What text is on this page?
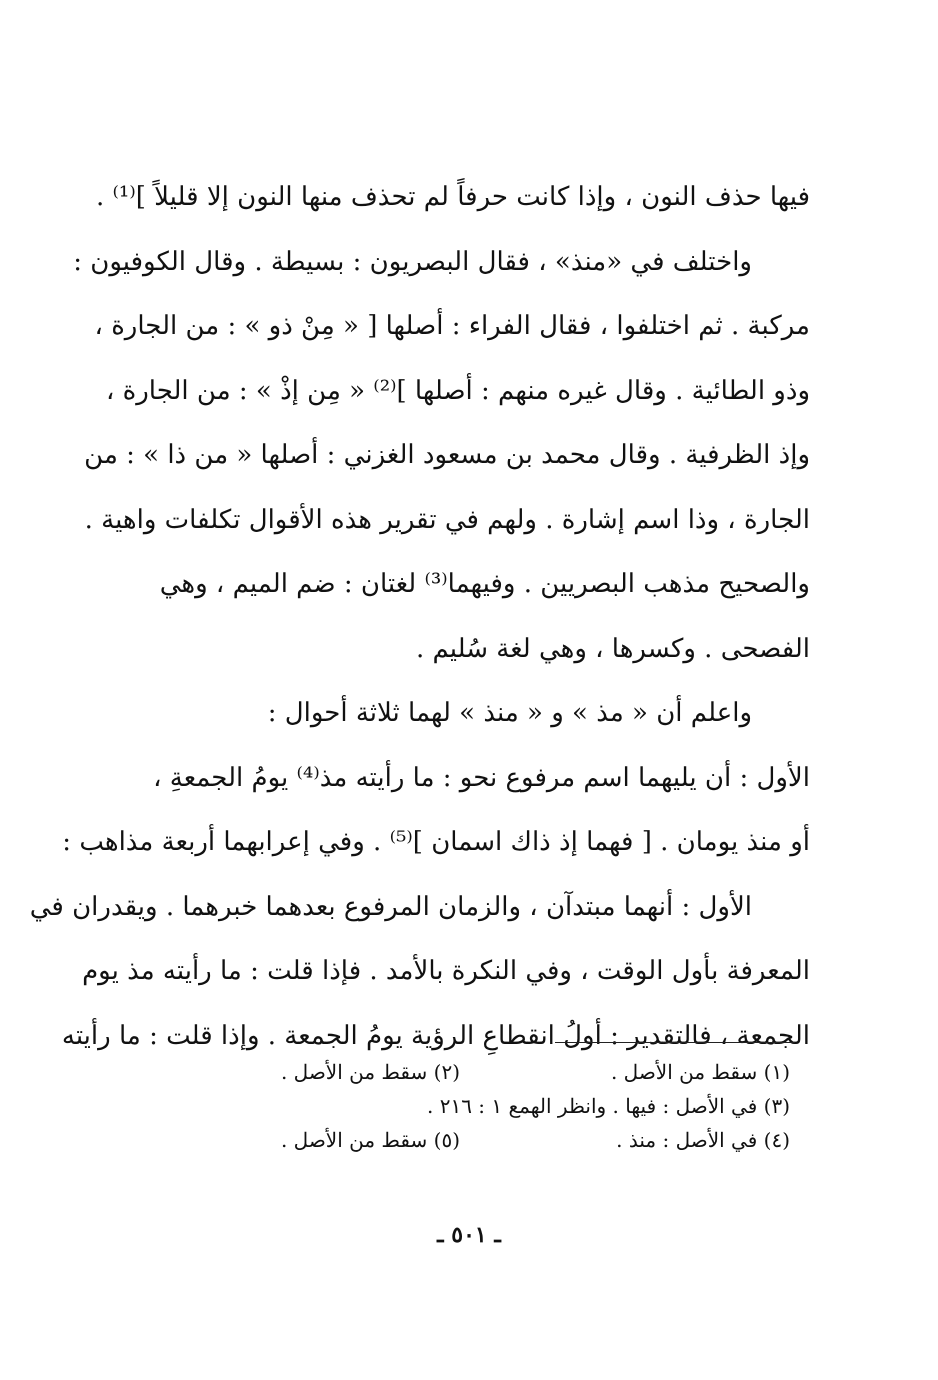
فيها حذف النون ، وإذا كانت حرفاً لم تحذف منها النون إلا قليلاً ]⁽¹⁾ .
واختلف في «منذ» ، فقال البصريون : بسيطة . وقال الكوفيون :
مركبة . ثم اختلفوا ، فقال الفراء : أصلها [ « مِنْ ذو » : من الجارة ،
وذو الطائية . وقال غيره منهم : أصلها ]⁽²⁾ « مِن إذْ » : من الجارة ،
وإذ الظرفية . وقال محمد بن مسعود الغزني : أصلها « من ذا » : من
الجارة ، وذا اسم إشارة . ولهم في تقرير هذه الأقوال تكلفات واهية .
والصحيح مذهب البصريين . وفيهما⁽³⁾ لغتان : ضم الميم ، وهي
الفصحى . وكسرها ، وهي لغة سُليم .
واعلم أن « مذ » و « منذ » لهما ثلاثة أحوال :
الأول : أن يليهما اسم مرفوع نحو : ما رأيته مذ⁽⁴⁾ يومُ الجمعةِ ،
أو منذ يومان . [ فهما إذ ذاك اسمان ]⁽⁵⁾ . وفي إعرابهما أربعة مذاهب :
الأول : أنهما مبتدآن ، والزمان المرفوع بعدهما خبرهما . ويقدران في
المعرفة بأول الوقت ، وفي النكرة بالأمد . فإذا قلت : ما رأيته مذ يوم
الجمعة ، فالتقدير : أولُ انقطاعِ الرؤية يومُ الجمعة . وإذا قلت : ما رأيته
(١) سقط من الأصل .
(٢) سقط من الأصل .
(٣) في الأصل : فيها . وانظر الهمع ١ : ٢١٦ .
(٤) في الأصل : منذ .
(٥) سقط من الأصل .
ـ ٥٠١ ـ
